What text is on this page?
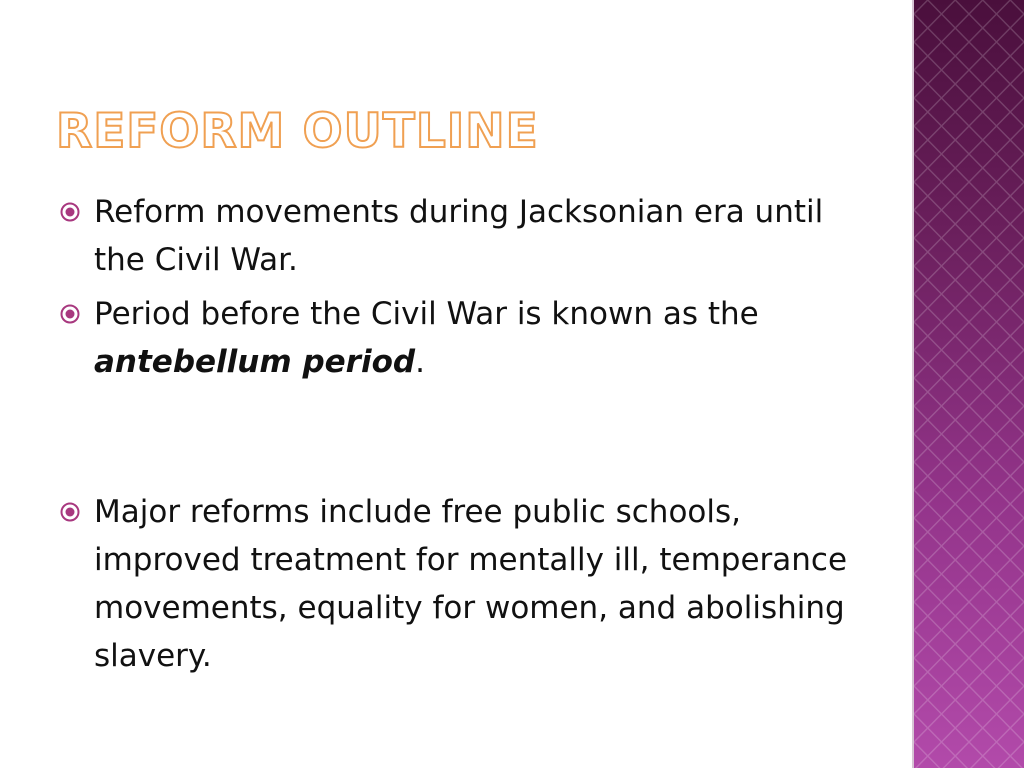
REFORM OUTLINE
Reform movements during Jacksonian era until the Civil War.
Period before the Civil War is known as the antebellum period.
Major reforms include free public schools, improved treatment for mentally ill, temperance movements, equality for women, and abolishing slavery.
